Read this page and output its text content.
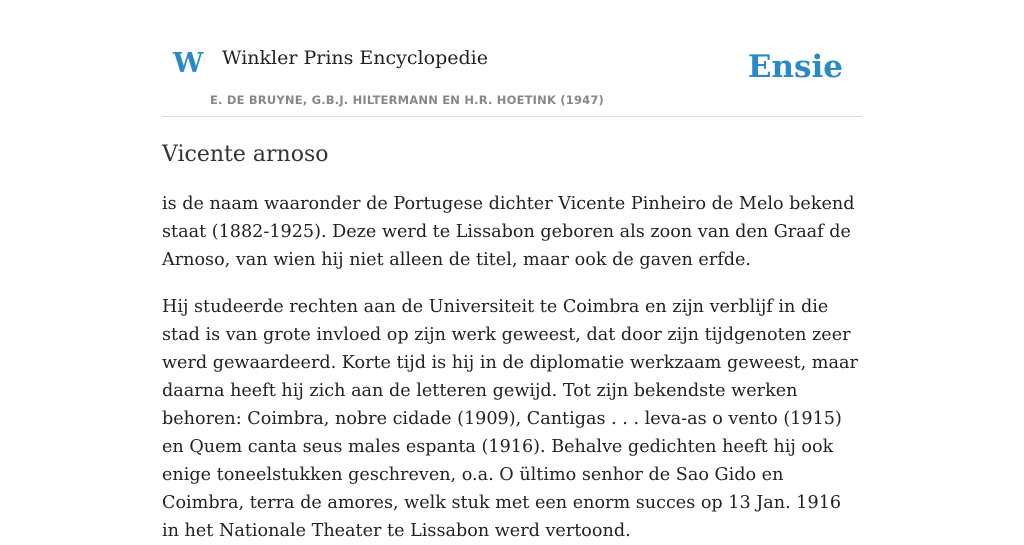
W Winkler Prins Encyclopedie	Ensie
E. DE BRUYNE, G.B.J. HILTERMANN EN H.R. HOETINK (1947)
Vicente arnoso

is de naam waaronder de Portugese dichter Vicente Pinheiro de Melo bekend staat (1882-1925). Deze werd te Lissabon geboren als zoon van den Graaf de Arnoso, van wien hij niet alleen de titel, maar ook de gaven erfde.

Hij studeerde rechten aan de Universiteit te Coimbra en zijn verblijf in die stad is van grote invloed op zijn werk geweest, dat door zijn tijdgenoten zeer werd gewaardeerd. Korte tijd is hij in de diplomatie werkzaam geweest, maar daarna heeft hij zich aan de letteren gewijd. Tot zijn bekendste werken behoren: Coimbra, nobre cidade (1909), Cantigas . . . leva-as o vento (1915) en Quem canta seus males espanta (1916). Behalve gedichten heeft hij ook enige toneelstukken geschreven, o.a. O ültimo senhor de Sao Gido en Coimbra, terra de amores, welk stuk met een enorm succes op 13 Jan. 1916 in het Nationale Theater te Lissabon werd vertoond.
